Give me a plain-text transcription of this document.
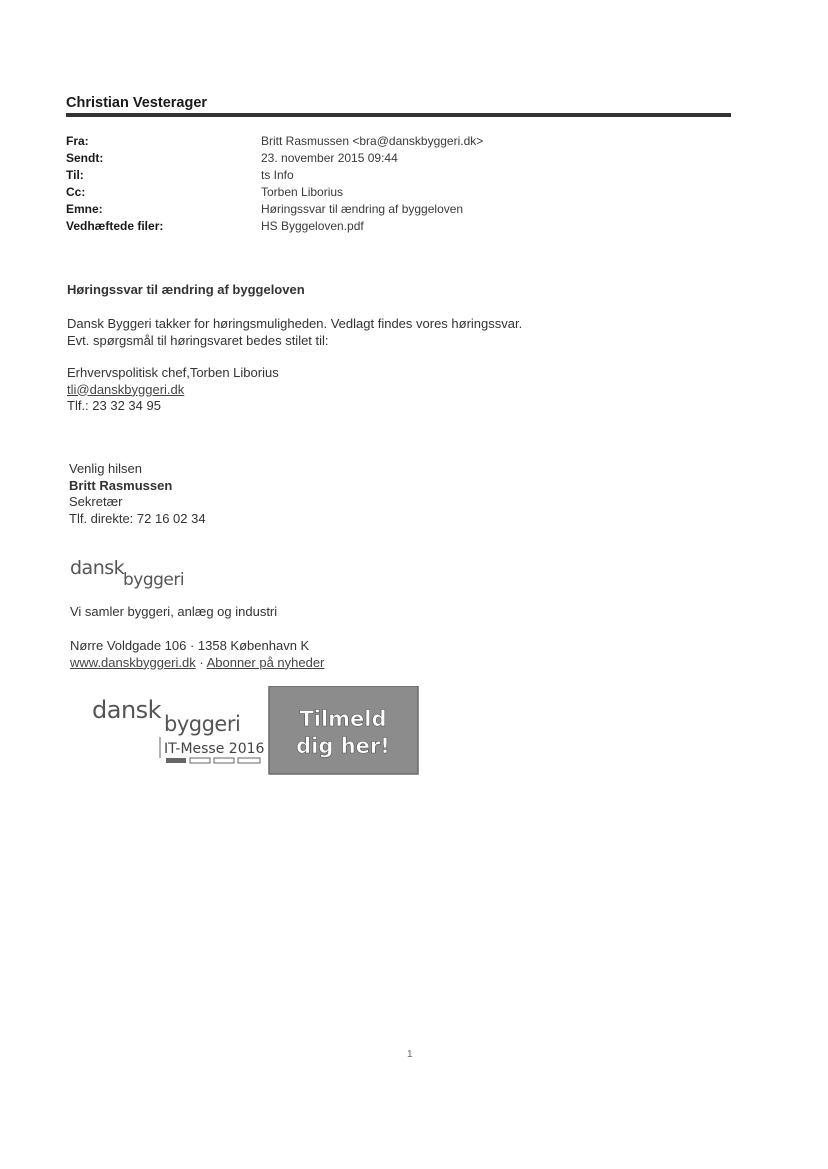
Christian Vesterager
Fra:	Britt Rasmussen <bra@danskbyggeri.dk>
Sendt:	23. november 2015 09:44
Til:	ts Info
Cc:	Torben Liborius
Emne:	Høringssvar til ændring af byggeloven
Vedhæftede filer:	HS Byggeloven.pdf
Høringssvar til ændring af byggeloven
Dansk Byggeri takker for høringsmuligheden. Vedlagt findes vores høringssvar.
Evt. spørgsmål til høringsvaret bedes stilet til:
Erhvervspolitisk chef,Torben Liborius
tli@danskbyggeri.dk
Tlf.: 23 32 34 95
Venlig hilsen
Britt Rasmussen
Sekretær
Tlf. direkte: 72 16 02 34
dansk
byggeri
Vi samler byggeri, anlæg og industri
Nørre Voldgade 106 · 1358 København K
www.danskbyggeri.dk · Abonner på nyheder
dansk byggeri
IT-Messe 2016
Tilmeld
dig her!
1
